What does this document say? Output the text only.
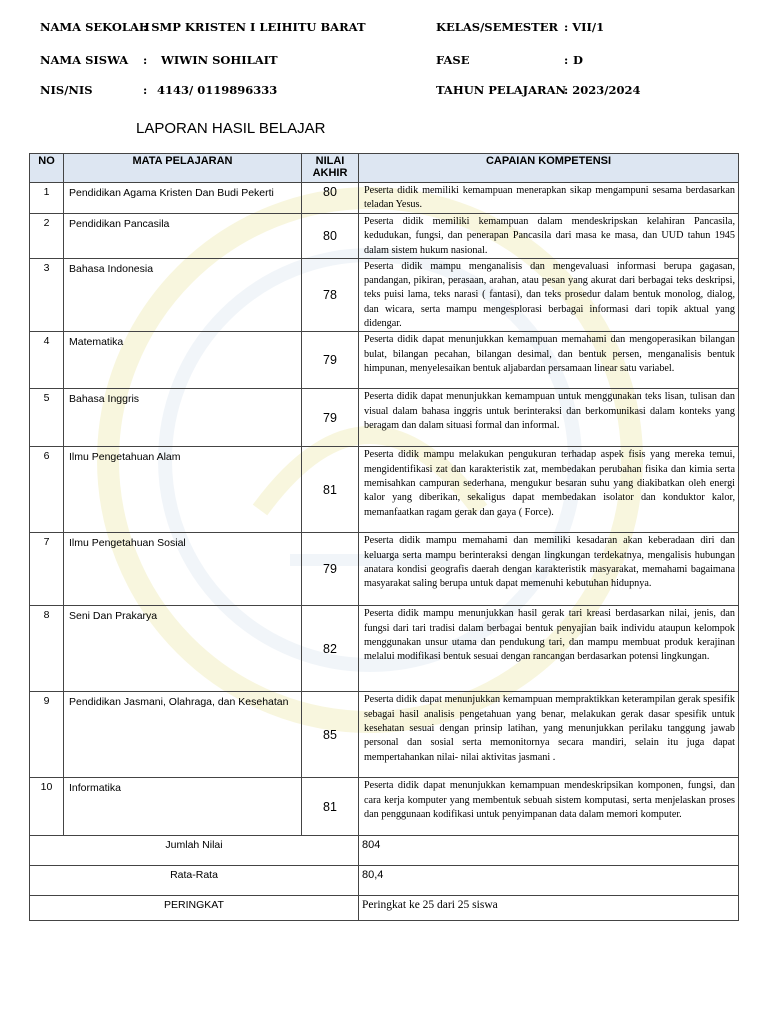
NAMA SEKOLAH
: SMP KRISTEN I LEIHITU BARAT	KELAS/SEMESTER : VII/1
NAMA SISWA : WIWIN SOHILAIT	FASE	: D
NIS/NIS	: 4143/ 0119896333	TAHUN PELAJARAN
: 2023/2024
LAPORAN HASIL BELAJAR
NO	MATA PELAJARAN	NILAI
AKHIR	CAPAIAN KOMPETENSI
1	Pendidikan Agama Kristen Dan Budi Pekerti	80	Peserta didik memiliki kemampuan menerapkan sikap mengampuni sesama berdasarkan teladan Yesus.
2	Pendidikan Pancasila	80	Peserta didik memiliki kemampuan dalam mendeskripskan kelahiran Pancasila, kedudukan, fungsi, dan penerapan Pancasila dari masa ke masa, dan UUD tahun 1945 dalam sistem hukum nasional.
3	Bahasa Indonesia	78	Peserta didik mampu menganalisis dan mengevaluasi informasi berupa gagasan, pandangan, pikiran, perasaan, arahan, atau pesan yang akurat dari berbagai teks deskripsi, teks puisi lama, teks narasi ( fantasi), dan teks prosedur dalam bentuk monolog, dialog, dan wicara, serta mampu mengesplorasi berbagai informasi dari topik aktual yang didengar.
4	Matematika	79	Peserta didik dapat menunjukkan kemampuan memahami dan mengoperasikan bilangan bulat, bilangan pecahan, bilangan desimal, dan bentuk persen, menganalisis bentuk himpunan, menyelesaikan bentuk aljabardan persamaan linear satu variabel.
5	Bahasa Inggris	79	Peserta didik dapat menunjukkan kemampuan untuk menggunakan teks lisan, tulisan dan visual dalam bahasa inggris untuk berinteraksi dan berkomunikasi dalam konteks yang beragam dan dalam situasi formal dan informal.
6	Ilmu Pengetahuan Alam	81	Peserta didik mampu melakukan pengukuran terhadap aspek fisis yang mereka temui, mengidentifikasi zat dan karakteristik zat, membedakan perubahan fisika dan kimia serta memisahkan campuran sederhana, mengukur besaran suhu yang diakibatkan oleh energi kalor yang diberikan, sekaligus dapat membedakan isolator dan konduktor kalor, memanfaatkan ragam gerak dan gaya ( Force).
7	Ilmu Pengetahuan Sosial	79	Peserta didik mampu memahami dan memiliki kesadaran akan keberadaan diri dan keluarga serta mampu berinteraksi dengan lingkungan terdekatnya, mengalisis hubungan anatara kondisi geografis daerah dengan karakteristik masyarakat, memahami bagaimana masyarakat saling berupa untuk dapat memenuhi kebutuhan hidupnya.
8	Seni Dan Prakarya	82	Peserta didik mampu menunjukkan hasil gerak tari kreasi berdasarkan nilai, jenis, dan fungsi dari tari tradisi dalam berbagai bentuk penyajian baik individu ataupun kelompok menggunakan unsur utama dan pendukung tari, dan mampu membuat produk kerajinan melalui modifikasi bentuk sesuai dengan rancangan berdasarkan potensi lingkungan.
9	Pendidikan Jasmani, Olahraga, dan Kesehatan	85	Peserta didik dapat menunjukkan kemampuan mempraktikkan keterampilan gerak spesifik sebagai hasil analisis pengetahuan yang benar, melakukan gerak dasar spesifik untuk kesehatan sesuai dengan prinsip latihan, yang menunjukkan perilaku tanggung jawab personal dan sosial serta memonitornya secara mandiri, selain itu juga dapat mempertahankan nilai- nilai aktivitas jasmani .
10	Informatika	81	Peserta didik dapat menunjukkan kemampuan mendeskripsikan komponen, fungsi, dan cara kerja komputer yang membentuk sebuah sistem komputasi, serta menjelaskan proses dan penggunaan kodifikasi untuk penyimpanan data dalam memori komputer.
Jumlah Nilai			804
Rata-Rata			80,4
PERINGKAT			Peringkat ke 25 dari 25 siswa
